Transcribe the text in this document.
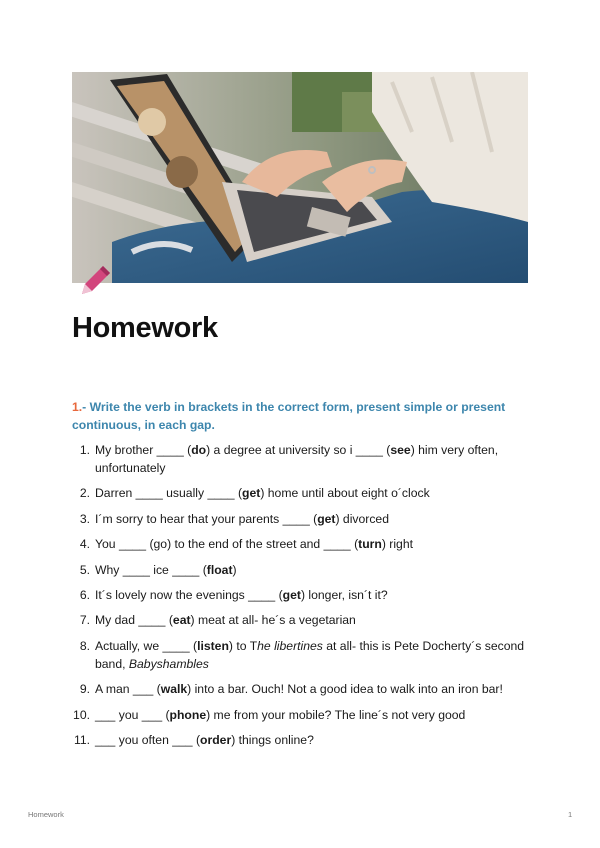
Homework

1.- Write the verb in brackets in the correct form, present simple or present continuous, in each gap.

1. My brother ____ (do) a degree at university so i ____ (see) him very often, unfortunately
2. Darren ____ usually ____ (get) home until about eight o´clock
3. I´m sorry to hear that your parents ____ (get) divorced
4. You ____ (go) to the end of the street and ____ (turn) right
5. Why ____ ice ____ (float)
6. It´s lovely now the evenings ____ (get) longer, isn´t it?
7. My dad ____ (eat) meat at all- he´s a vegetarian
8. Actually, we ____ (listen) to The libertines at all- this is Pete Docherty´s second band, Babyshambles
9. A man ___ (walk) into a bar. Ouch! Not a good idea to walk into an iron bar!
10. ___ you ___ (phone) me from your mobile? The line´s not very good
11. ___ you often ___ (order) things online?
Homework	1
